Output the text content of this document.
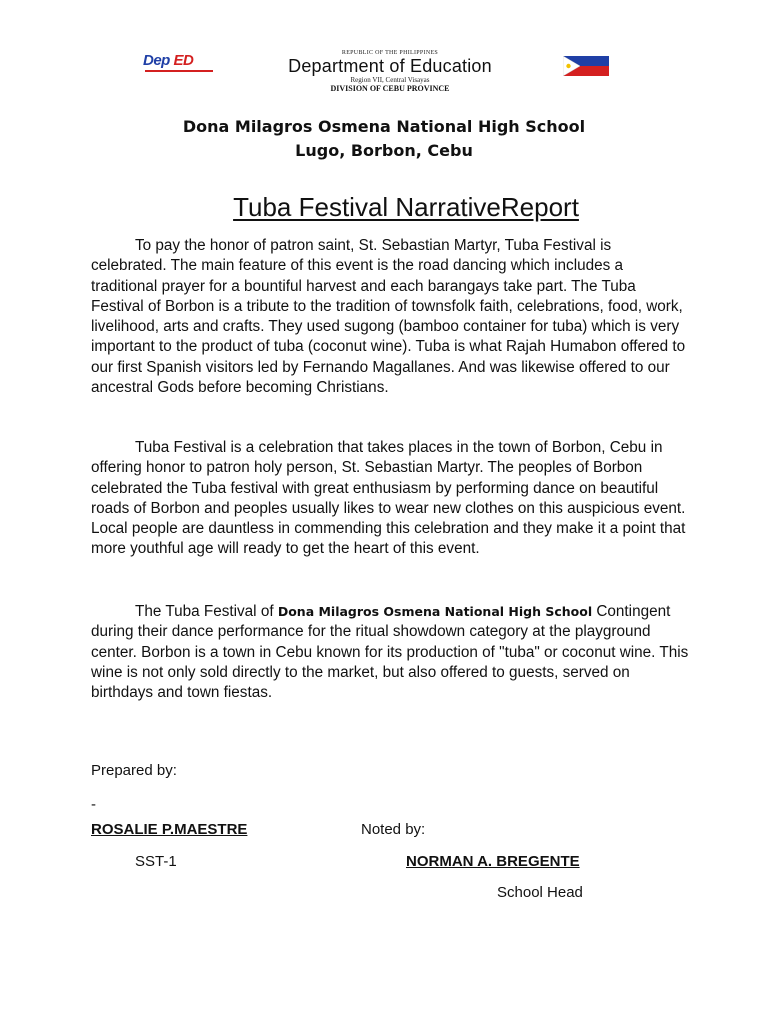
Dep ED	REPUBLIC OF THE PHILIPPINES
Department of Education
Region VII, Central Visayas
DIVISION OF CEBU PROVINCE
Dona Milagros Osmena National High School
Lugo, Borbon, Cebu
Tuba Festival NarrativeReport

To pay the honor of patron saint, St. Sebastian Martyr, Tuba Festival is celebrated. The main feature of this event is the road dancing which includes a traditional prayer for a bountiful harvest and each barangays take part. The Tuba Festival of Borbon is a tribute to the tradition of townsfolk faith, celebrations, food, work, livelihood, arts and crafts. They used sugong (bamboo container for tuba) which is very important to the product of tuba (coconut wine). Tuba is what Rajah Humabon offered to our first Spanish visitors led by Fernando Magallanes. And was likewise offered to our ancestral Gods before becoming Christians.

Tuba Festival is a celebration that takes places in the town of Borbon, Cebu in offering honor to patron holy person, St. Sebastian Martyr. The peoples of Borbon celebrated the Tuba festival with great enthusiasm by performing dance on beautiful roads of Borbon and peoples usually likes to wear new clothes on this auspicious event. Local people are dauntless in commending this celebration and they make it a point that more youthful age will ready to get the heart of this event.

The Tuba Festival of Dona Milagros Osmena National High School Contingent during their dance performance for the ritual showdown category at the playground center. Borbon is a town in Cebu known for its production of "tuba" or coconut wine. This wine is not only sold directly to the market, but also offered to guests, served on birthdays and town fiestas.

Prepared by:
-
ROSALIE P.MAESTRE
SST-1
Noted by:
NORMAN A. BREGENTE
School Head
